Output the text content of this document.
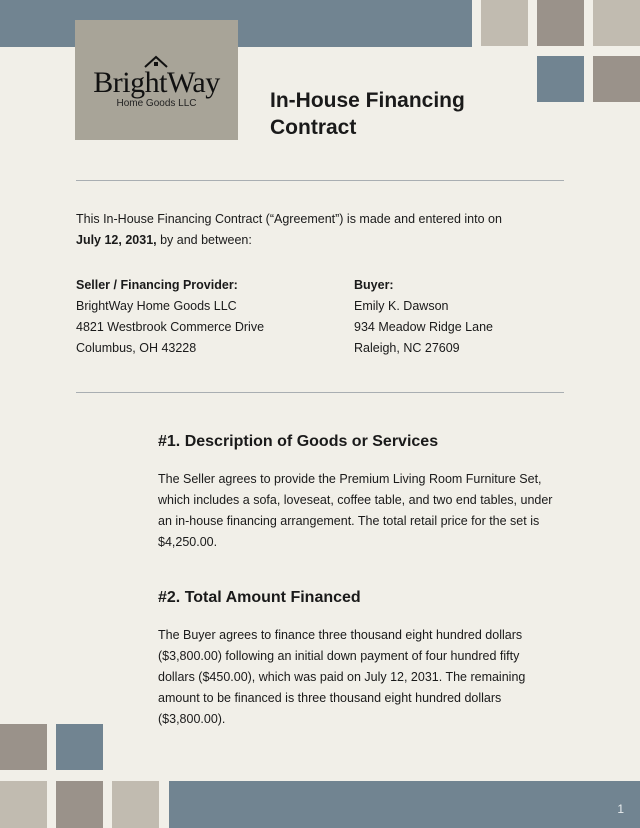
BrightWay
Home Goods LLC	In-House Financing Contract
This In-House Financing Contract (“Agreement”) is made and entered into on
July 12, 2031, by and between:
Seller / Financing Provider:
BrightWay Home Goods LLC
4821 Westbrook Commerce Drive
Columbus, OH 43228
Buyer:
Emily K. Dawson
934 Meadow Ridge Lane
Raleigh, NC 27609
#1. Description of Goods or Services
The Seller agrees to provide the Premium Living Room Furniture Set, which includes a sofa, loveseat, coffee table, and two end tables, under an in-house financing arrangement. The total retail price for the set is $4,250.00.
#2. Total Amount Financed
The Buyer agrees to finance three thousand eight hundred dollars ($3,800.00) following an initial down payment of four hundred fifty dollars ($450.00), which was paid on July 12, 2031. The remaining amount to be financed is three thousand eight hundred dollars ($3,800.00).
1
